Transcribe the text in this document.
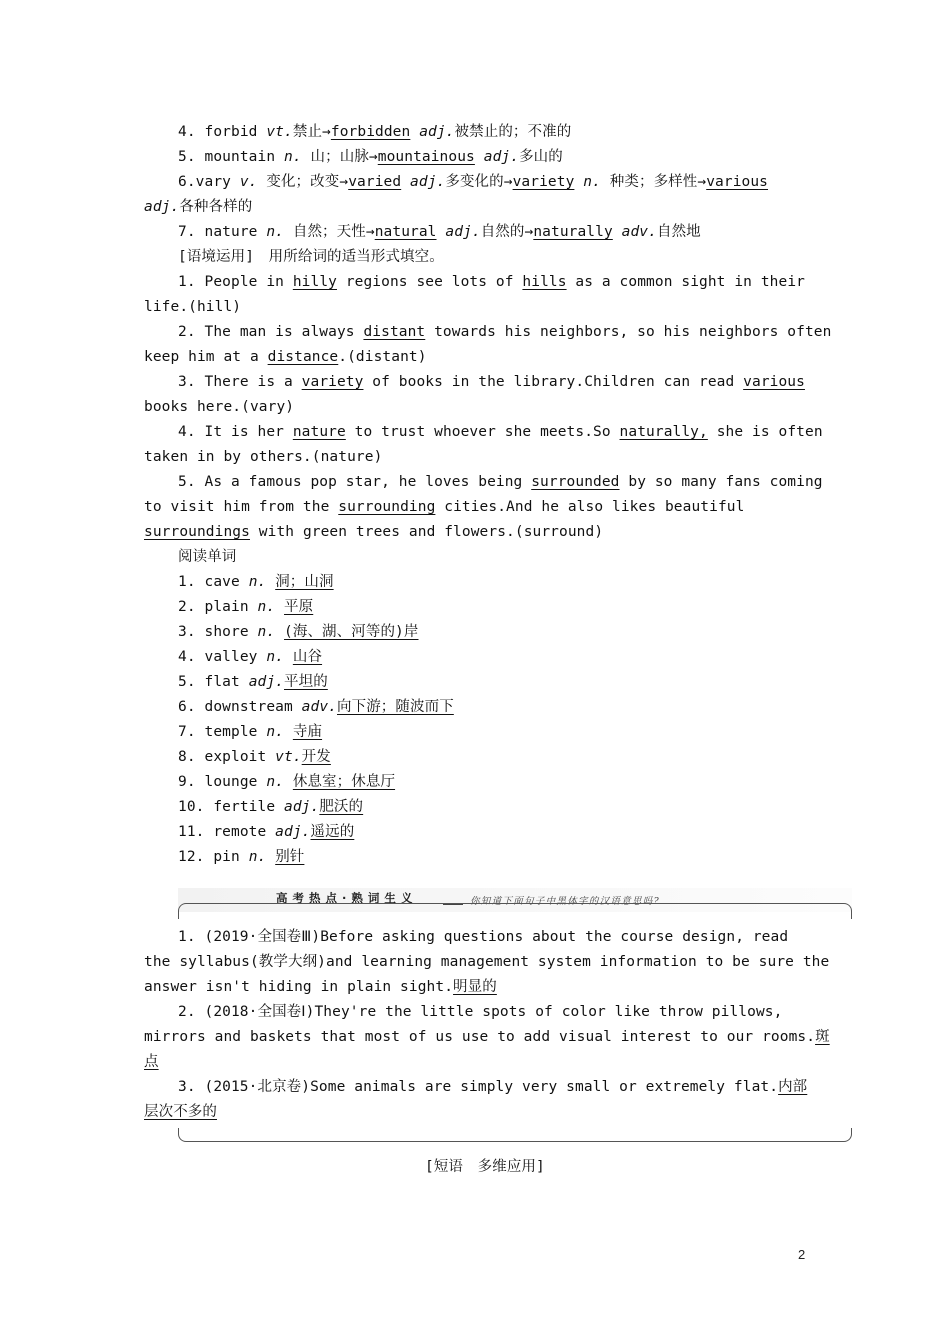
4. forbid vt.禁止→forbidden adj.被禁止的；不准的
5. mountain n. 山；山脉→mountainous adj.多山的
6.vary v. 变化；改变→varied adj.多变化的→variety n. 种类；多样性→various
adj.各种各样的
7. nature n. 自然；天性→natural adj.自然的→naturally adv.自然地
[语境运用]　用所给词的适当形式填空。
1. People in hilly regions see lots of hills as a common sight in their
life.(hill)
2. The man is always distant towards his neighbors, so his neighbors often
keep him at a distance.(distant)
3. There is a variety of books in the library.Children can read various
books here.(vary)
4. It is her nature to trust whoever she meets.So naturally, she is often
taken in by others.(nature)
5. As a famous pop star, he loves being surrounded by so many fans coming
to visit him from the surrounding cities.And he also likes beautiful
surroundings with green trees and flowers.(surround)
阅读单词
1. cave n. 洞；山洞
2. plain n. 平原
3. shore n. (海、湖、河等的)岸
4. valley n. 山谷
5. flat adj.平坦的
6. downstream adv.向下游；随波而下
7. temple n. 寺庙
8. exploit vt.开发
9. lounge n. 休息室；休息厅
10. fertile adj.肥沃的
11. remote adj.遥远的
12. pin n. 别针
高考热点·熟词生义	你知道下面句子中黑体字的汉语意思吗?
1. (2019·全国卷Ⅲ)Before asking questions about the course design, read
the syllabus(教学大纲)and learning management system information to be sure the
answer isn't hiding in plain sight.明显的
2. (2018·全国卷Ⅰ)They're the little spots of color like throw pillows,
mirrors and baskets that most of us use to add visual interest to our rooms.斑
点
3. (2015·北京卷)Some animals are simply very small or extremely flat.内部
层次不多的
[短语　多维应用]
2
